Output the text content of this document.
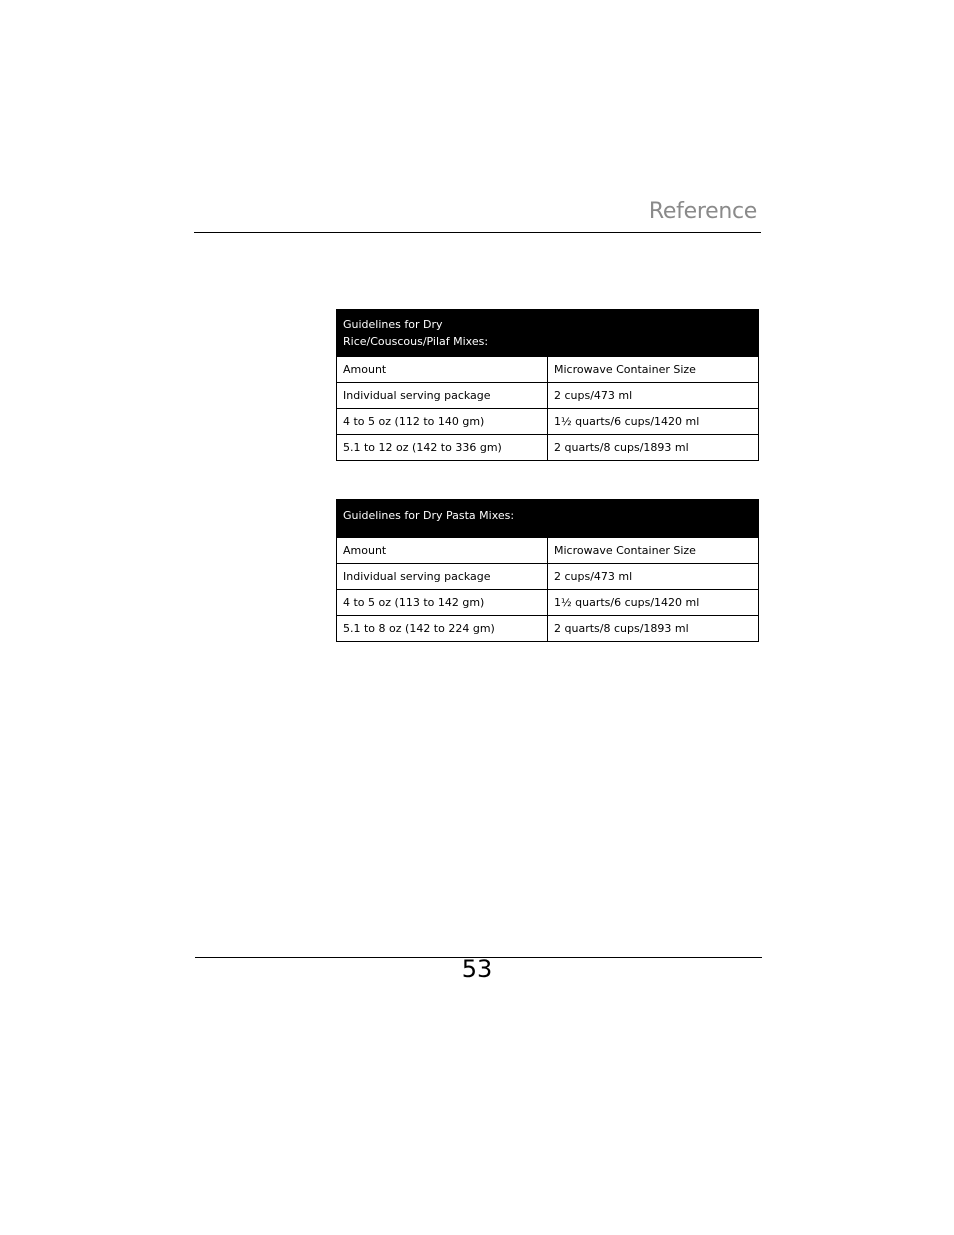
Reference
Guidelines for Dry Rice/Couscous/Pilaf Mixes:	

Amount	Microwave Container Size
Individual serving package	2 cups/473 ml
4 to 5 oz (112 to 140 gm)	1½ quarts/6 cups/1420 ml
5.1 to 12 oz (142 to 336 gm)	2 quarts/8 cups/1893 ml
Guidelines for Dry Pasta Mixes:	

Amount	Microwave Container Size
Individual serving package	2 cups/473 ml
4 to 5 oz (113 to 142 gm)	1½ quarts/6 cups/1420 ml
5.1 to 8 oz (142 to 224 gm)	2 quarts/8 cups/1893 ml

53
